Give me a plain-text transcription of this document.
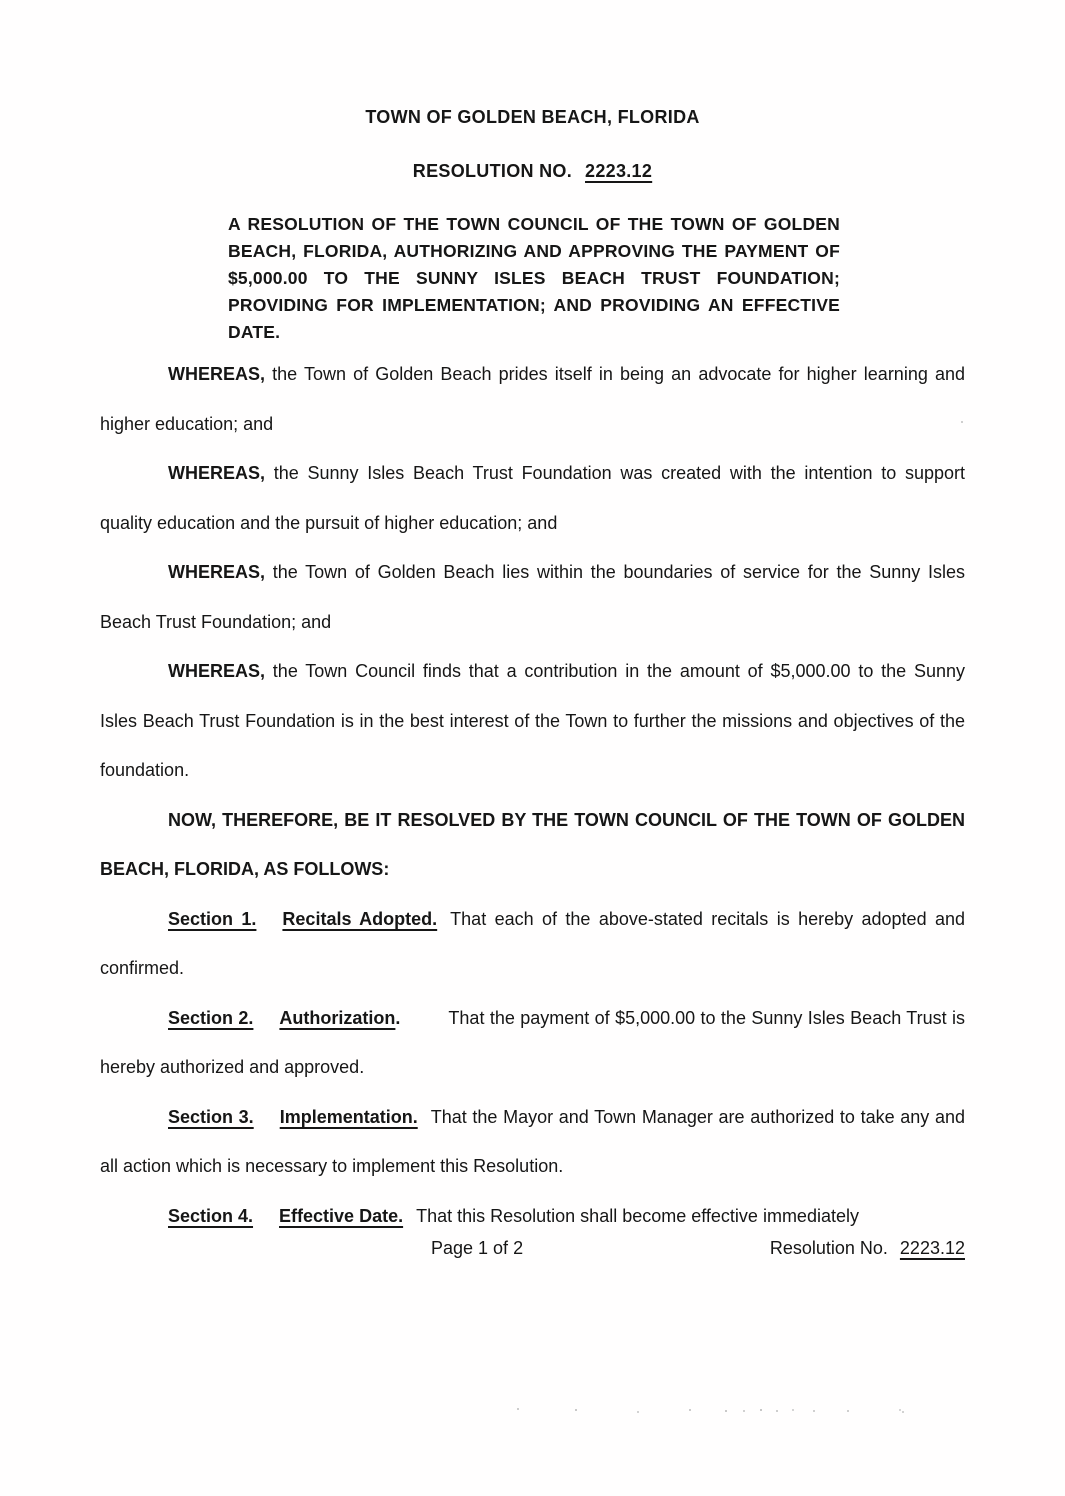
TOWN OF GOLDEN BEACH, FLORIDA
RESOLUTION NO. 2223.12

A RESOLUTION OF THE TOWN COUNCIL OF THE TOWN OF GOLDEN BEACH, FLORIDA, AUTHORIZING AND APPROVING THE PAYMENT OF $5,000.00 TO THE SUNNY ISLES BEACH TRUST FOUNDATION; PROVIDING FOR IMPLEMENTATION; AND PROVIDING AN EFFECTIVE DATE.

WHEREAS, the Town of Golden Beach prides itself in being an advocate for higher learning and higher education; and

WHEREAS, the Sunny Isles Beach Trust Foundation was created with the intention to support quality education and the pursuit of higher education; and

WHEREAS, the Town of Golden Beach lies within the boundaries of service for the Sunny Isles Beach Trust Foundation; and

WHEREAS, the Town Council finds that a contribution in the amount of $5,000.00 to the Sunny Isles Beach Trust Foundation is in the best interest of the Town to further the missions and objectives of the foundation.

NOW, THEREFORE, BE IT RESOLVED BY THE TOWN COUNCIL OF THE TOWN OF GOLDEN BEACH, FLORIDA, AS FOLLOWS:

Section 1. Recitals Adopted. That each of the above-stated recitals is hereby adopted and confirmed.

Section 2. Authorization.	That the payment of $5,000.00 to the Sunny Isles Beach Trust is hereby authorized and approved.

Section 3. Implementation. That the Mayor and Town Manager are authorized to take any and all action which is necessary to implement this Resolution.

Section 4. Effective Date. That this Resolution shall become effective immediately

Page 1 of 2	Resolution No. 2223.12
